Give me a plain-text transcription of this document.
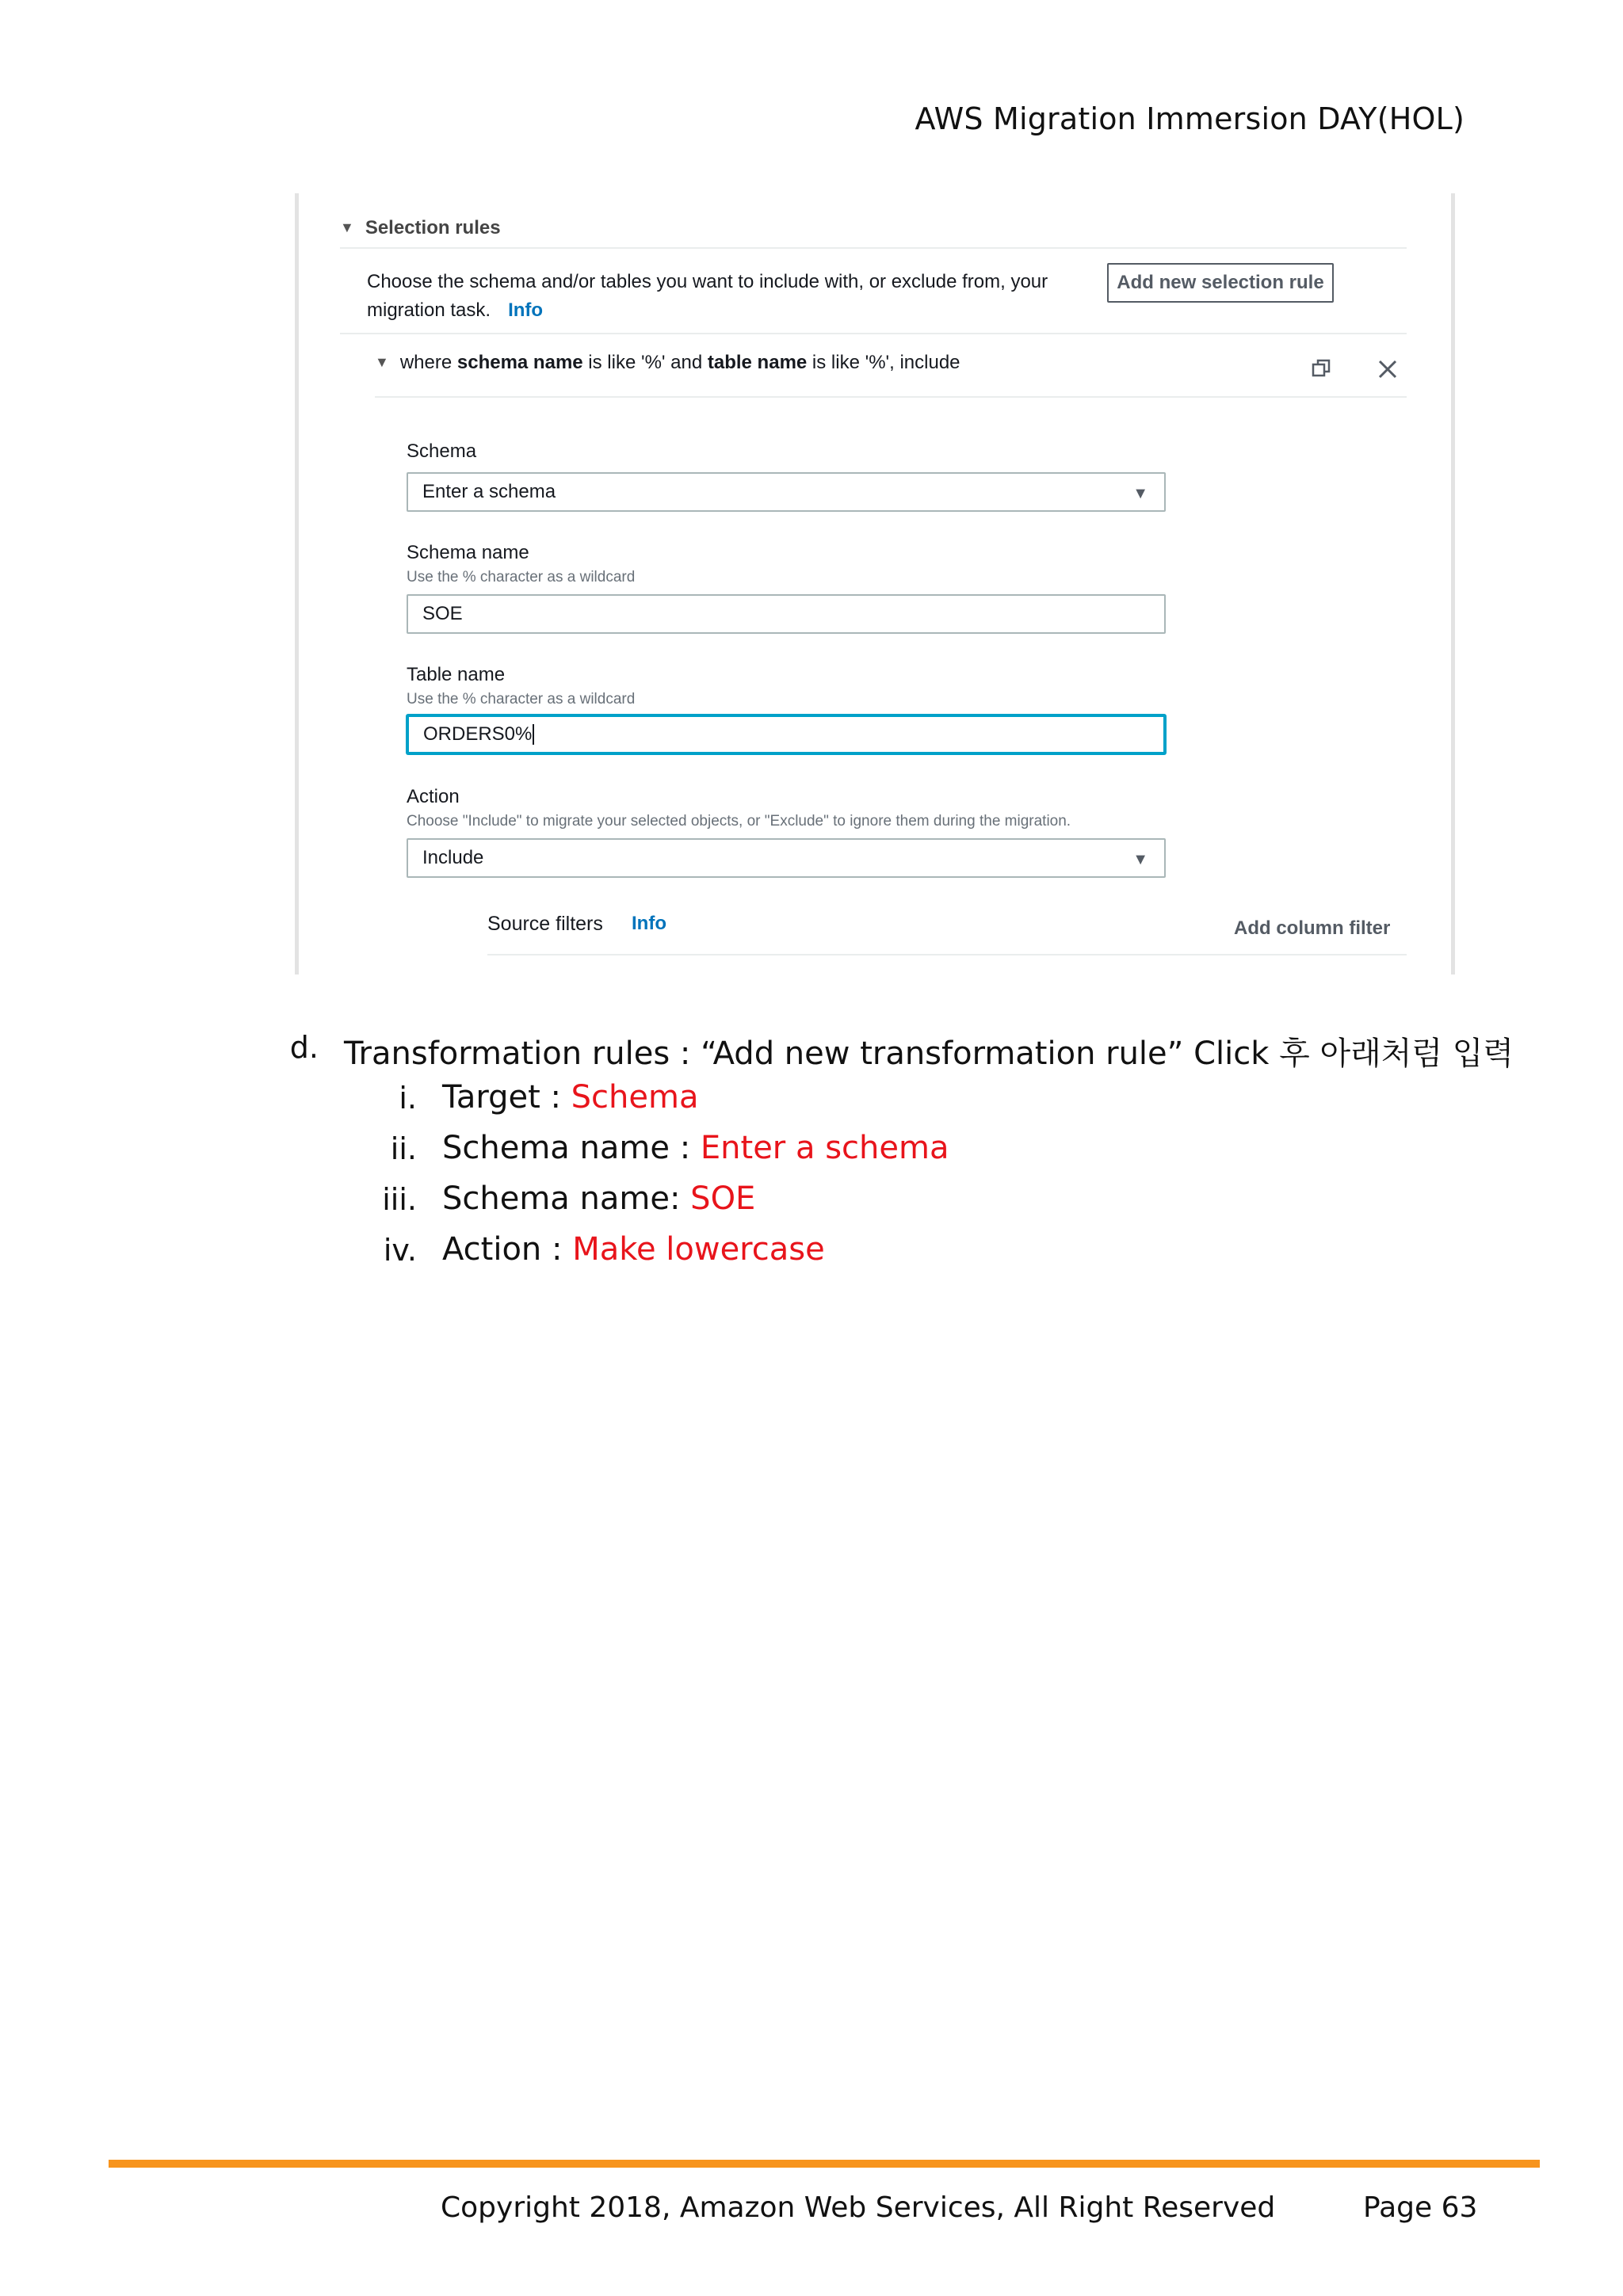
AWS Migration Immersion DAY(HOL)
▼ Selection rules
Choose the schema and/or tables you want to include with, or exclude from, your migration task. Info
Add new selection rule
▼ where schema name is like '%' and table name is like '%', include
Schema
Enter a schema	▼
Schema name
Use the % character as a wildcard
SOE
Table name
Use the % character as a wildcard
ORDERS0%
Action
Choose "Include" to migrate your selected objects, or "Exclude" to ignore them during the migration.
Include	▼
Source filters Info	Add column filter
d. Transformation rules : “Add new transformation rule” Click 후 아래처럼 입력
i. Target : Schema
ii. Schema name : Enter a schema
iii. Schema name: SOE
iv. Action : Make lowercase
Copyright 2018, Amazon Web Services, All Right Reserved	Page 63
